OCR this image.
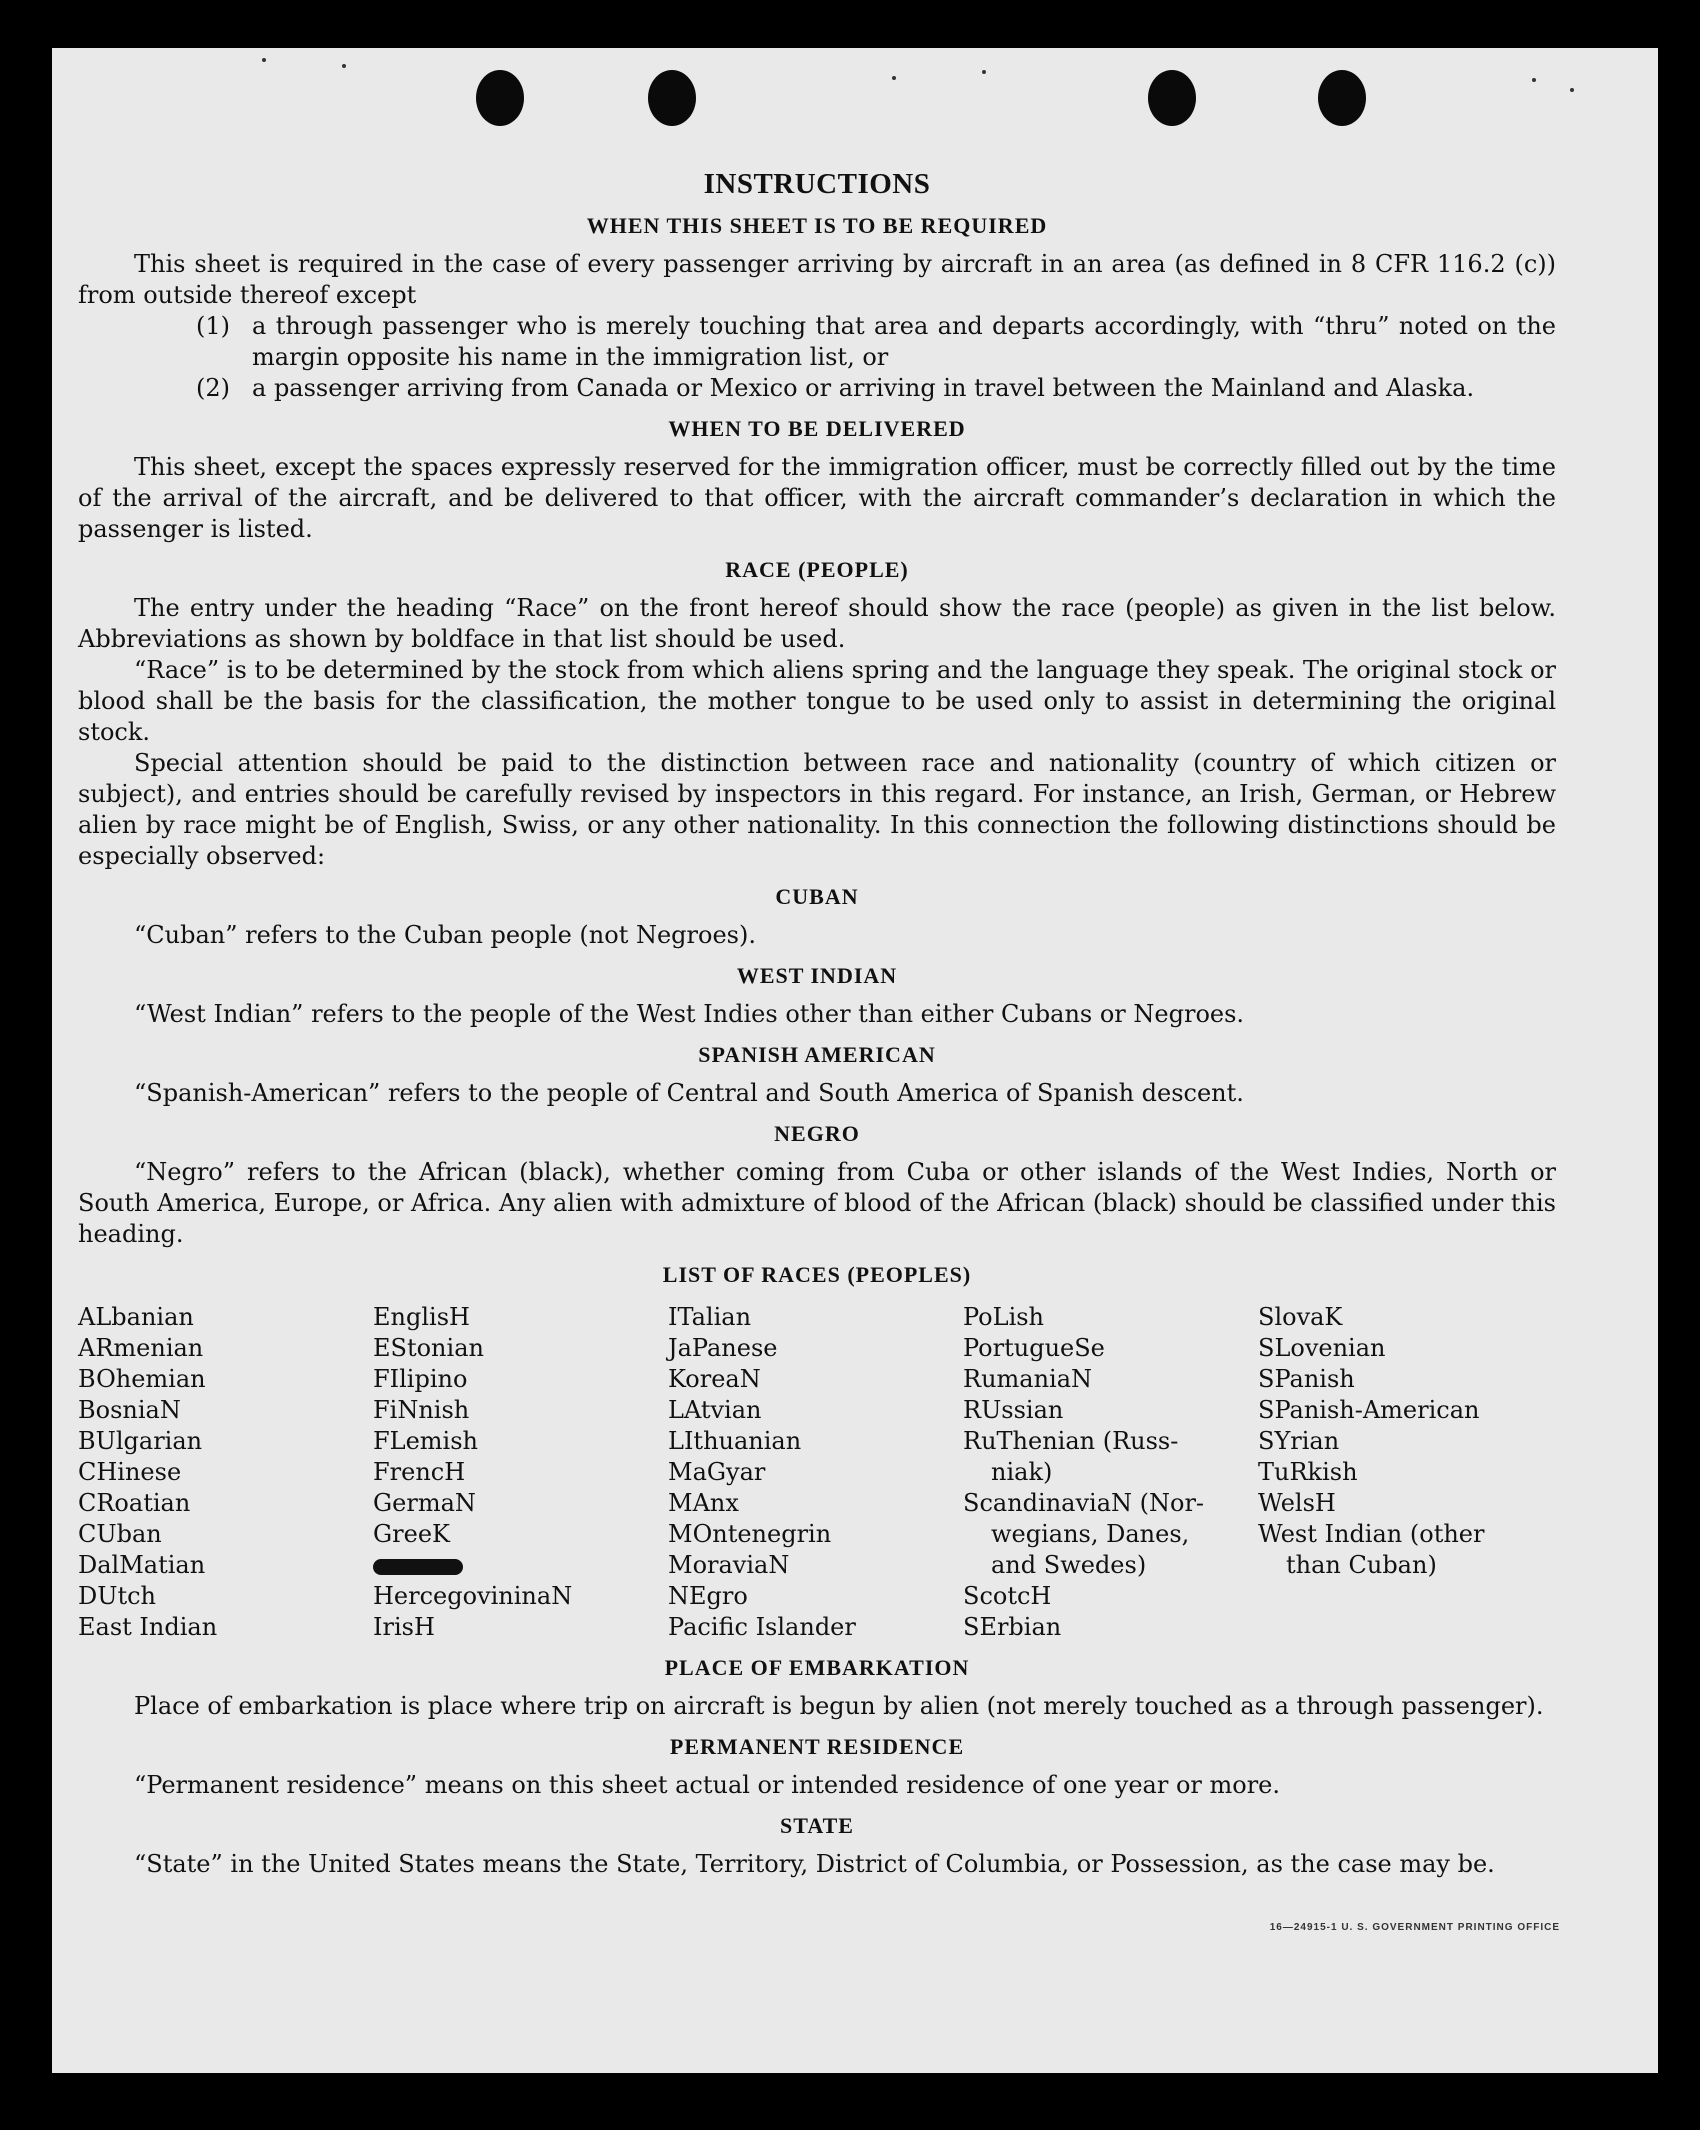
INSTRUCTIONS
WHEN THIS SHEET IS TO BE REQUIRED

This sheet is required in the case of every passenger arriving by aircraft in an area (as defined in 8 CFR 116.2 (c)) from outside thereof except

(1) a through passenger who is merely touching that area and departs accordingly, with “thru” noted on the margin opposite his name in the immigration list, or
(2) a passenger arriving from Canada or Mexico or arriving in travel between the Mainland and Alaska.
WHEN TO BE DELIVERED

This sheet, except the spaces expressly reserved for the immigration officer, must be correctly filled out by the time of the arrival of the aircraft, and be delivered to that officer, with the aircraft commander’s declaration in which the passenger is listed.

RACE (PEOPLE)

The entry under the heading “Race” on the front hereof should show the race (people) as given in the list below. Abbreviations as shown by boldface in that list should be used.

“Race” is to be determined by the stock from which aliens spring and the language they speak. The original stock or blood shall be the basis for the classification, the mother tongue to be used only to assist in determining the original stock.

Special attention should be paid to the distinction between race and nationality (country of which citizen or subject), and entries should be carefully revised by inspectors in this regard. For instance, an Irish, German, or Hebrew alien by race might be of English, Swiss, or any other nationality. In this connection the following distinctions should be especially observed:

CUBAN

“Cuban” refers to the Cuban people (not Negroes).

WEST INDIAN

“West Indian” refers to the people of the West Indies other than either Cubans or Negroes.

SPANISH AMERICAN

“Spanish-American” refers to the people of Central and South America of Spanish descent.

NEGRO

“Negro” refers to the African (black), whether coming from Cuba or other islands of the West Indies, North or South America, Europe, or Africa. Any alien with admixture of blood of the African (black) should be classified under this heading.

LIST OF RACES (PEOPLES)
ALbanian
ARmenian
BOhemian
BosniaN
BUlgarian
CHinese
CRoatian
CUban
DalMatian
DUtch
East Indian
EnglisH
EStonian
FIlipino
FiNnish
FLemish
FrencH
GermaN
GreeK
HercegovininaN
IrisH
ITalian
JaPanese
KoreaN
LAtvian
LIthuanian
MaGyar
MAnx
MOntenegrin
MoraviaN
NEgro
Pacific Islander
PoLish
PortugueSe
RumaniaN
RUssian
RuThenian (Russ-
niak)
ScandinaviaN (Nor-
wegians, Danes,
and Swedes)
ScotcH
SErbian
SlovaK
SLovenian
SPanish
SPanish-American
SYrian
TuRkish
WelsH
West Indian (other
than Cuban)
PLACE OF EMBARKATION

Place of embarkation is place where trip on aircraft is begun by alien (not merely touched as a through passenger).

PERMANENT RESIDENCE

“Permanent residence” means on this sheet actual or intended residence of one year or more.

STATE

“State” in the United States means the State, Territory, District of Columbia, or Possession, as the case may be.

16—24915-1 U. S. GOVERNMENT PRINTING OFFICE
